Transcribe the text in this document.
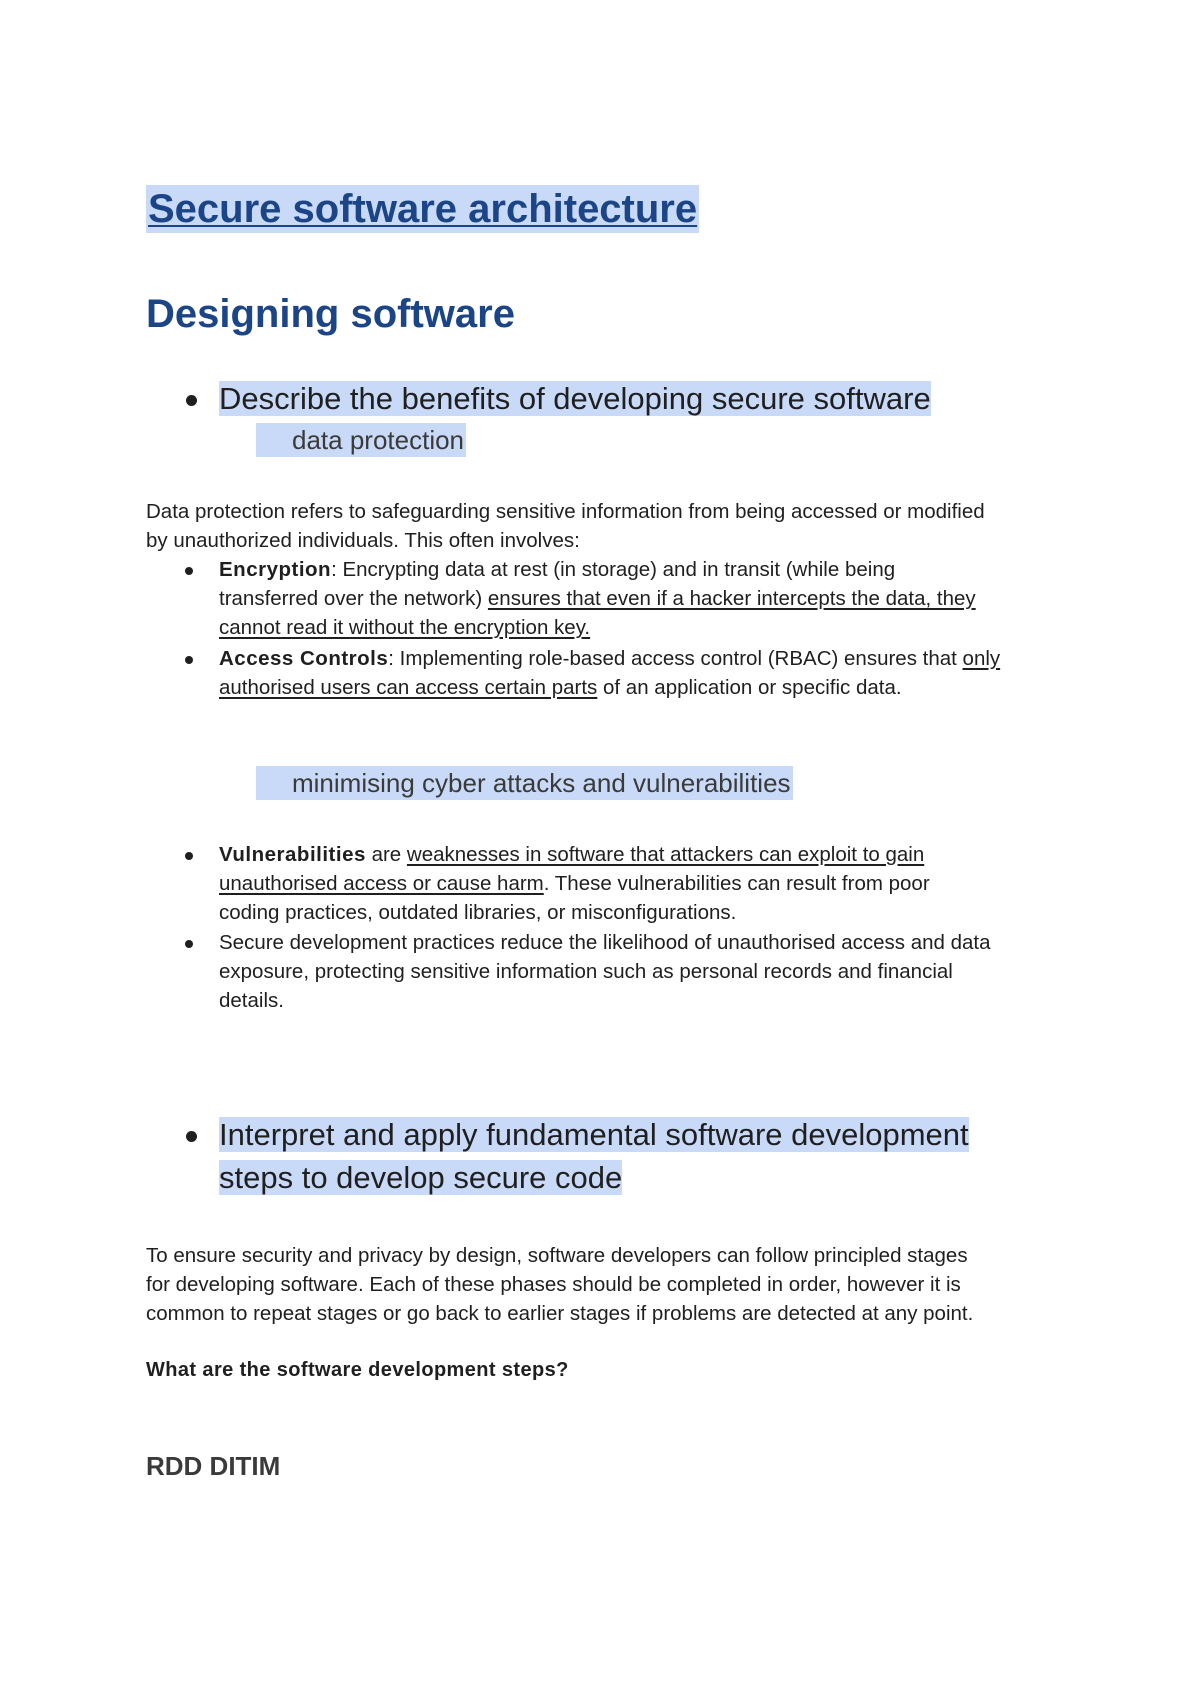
Secure software architecture
Designing software
Describe the benefits of developing secure software
data protection
Data protection refers to safeguarding sensitive information from being accessed or modified
by unauthorized individuals. This often involves:
Encryption: Encrypting data at rest (in storage) and in transit (while being
transferred over the network) ensures that even if a hacker intercepts the data, they
cannot read it without the encryption key.
Access Controls: Implementing role-based access control (RBAC) ensures that only
authorised users can access certain parts of an application or specific data.
minimising cyber attacks and vulnerabilities
Vulnerabilities are weaknesses in software that attackers can exploit to gain
unauthorised access or cause harm. These vulnerabilities can result from poor
coding practices, outdated libraries, or misconfigurations.
Secure development practices reduce the likelihood of unauthorised access and data
exposure, protecting sensitive information such as personal records and financial
details.
Interpret and apply fundamental software development
steps to develop secure code
To ensure security and privacy by design, software developers can follow principled stages
for developing software. Each of these phases should be completed in order, however it is
common to repeat stages or go back to earlier stages if problems are detected at any point.
What are the software development steps?
RDD DITIM
